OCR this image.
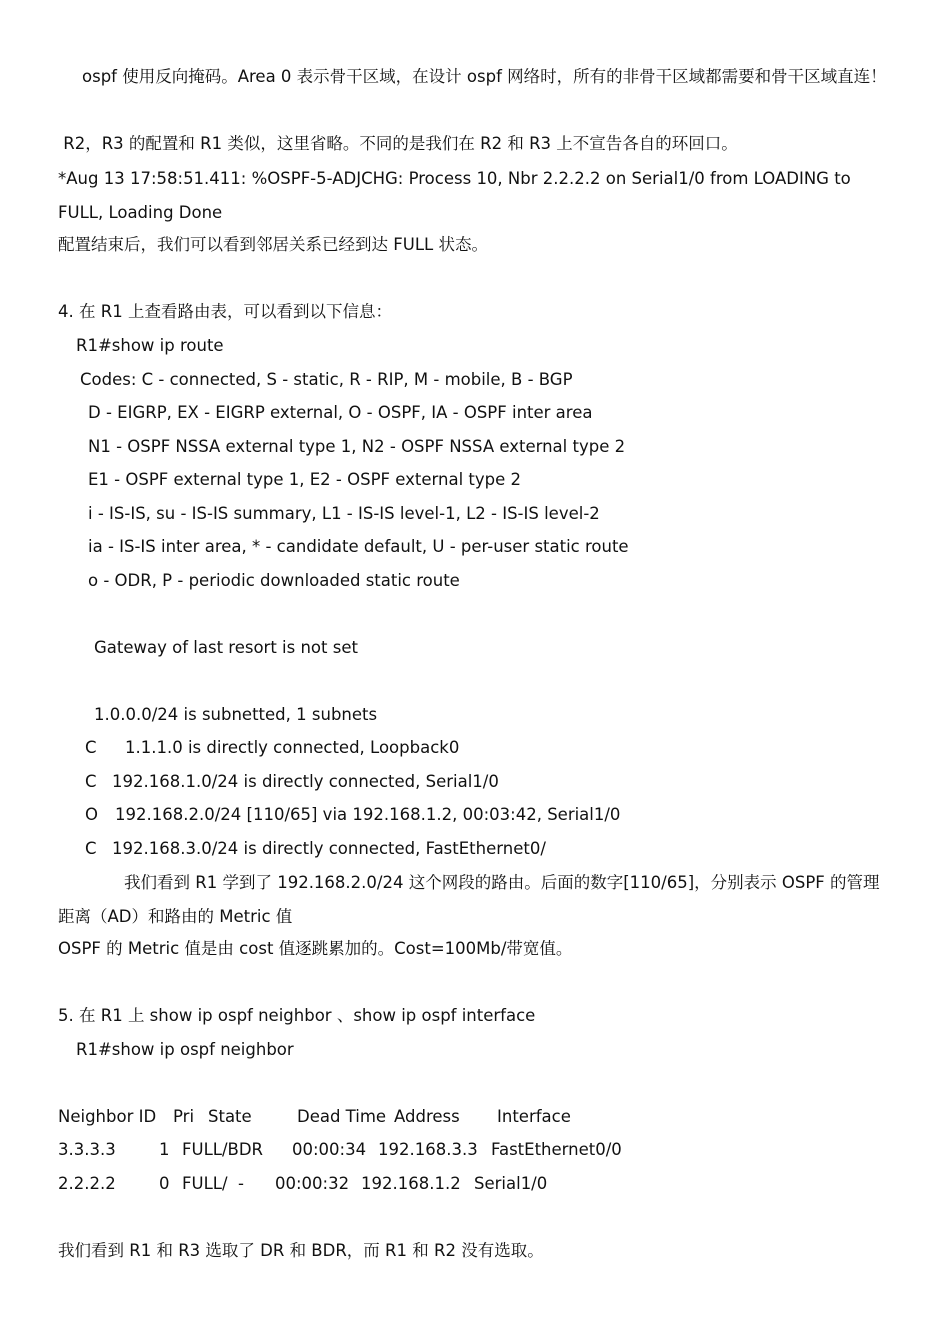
ospf 使用反向掩码。Area 0 表示骨干区域，在设计 ospf 网络时，所有的非骨干区域都需要和骨干区域直连！
R2，R3 的配置和 R1 类似，这里省略。不同的是我们在 R2 和 R3 上不宣告各自的环回口。
*Aug 13 17:58:51.411: %OSPF-5-ADJCHG: Process 10, Nbr 2.2.2.2 on Serial1/0 from LOADING to FULL, Loading Done
配置结束后，我们可以看到邻居关系已经到达 FULL 状态。
4. 在 R1 上查看路由表，可以看到以下信息：
R1#show ip route
Codes: C - connected, S - static, R - RIP, M - mobile, B - BGP
D - EIGRP, EX - EIGRP external, O - OSPF, IA - OSPF inter area
N1 - OSPF NSSA external type 1, N2 - OSPF NSSA external type 2
E1 - OSPF external type 1, E2 - OSPF external type 2
i - IS-IS, su - IS-IS summary, L1 - IS-IS level-1, L2 - IS-IS level-2
ia - IS-IS inter area, * - candidate default, U - per-user static route
o - ODR, P - periodic downloaded static route
Gateway of last resort is not set
1.0.0.0/24 is subnetted, 1 subnets
C 1.1.1.0 is directly connected, Loopback0
C 192.168.1.0/24 is directly connected, Serial1/0
O 192.168.2.0/24 [110/65] via 192.168.1.2, 00:03:42, Serial1/0
C 192.168.3.0/24 is directly connected, FastEthernet0/
我们看到 R1 学到了 192.168.2.0/24 这个网段的路由。后面的数字[110/65]，分别表示 OSPF 的管理距离（AD）和路由的 Metric 值
OSPF 的 Metric 值是由 cost 值逐跳累加的。Cost=100Mb/带宽值。
5. 在 R1 上 show ip ospf neighbor 、show ip ospf interface
R1#show ip ospf neighbor
Neighbor ID Pri State	Dead Time Address Interface
3.3.3.3	1 FULL/BDR 00:00:34 192.168.3.3 FastEthernet0/0
2.2.2.2	0 FULL/  - 00:00:32 192.168.1.2 Serial1/0
我们看到 R1 和 R3 选取了 DR 和 BDR，而 R1 和 R2 没有选取。
